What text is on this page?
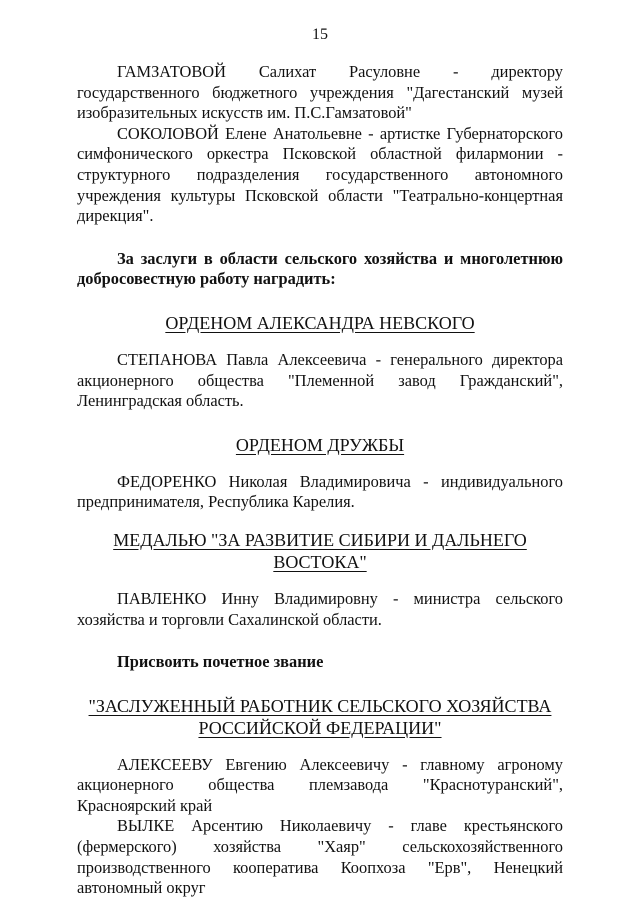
15

ГАМЗАТОВОЙ Салихат Расуловне - директору государственного бюджетного учреждения "Дагестанский музей изобразительных искусств им. П.С.Гамзатовой"

СОКОЛОВОЙ Елене Анатольевне - артистке Губернаторского симфонического оркестра Псковской областной филармонии - структурного подразделения государственного автономного учреждения культуры Псковской области "Театрально-концертная дирекция".

За заслуги в области сельского хозяйства и многолетнюю

добросовестную работу наградить:

ОРДЕНОМ АЛЕКСАНДРА НЕВСКОГО

СТЕПАНОВА Павла Алексеевича - генерального директора акционерного общества "Племенной завод Гражданский", Ленинградская область.

ОРДЕНОМ ДРУЖБЫ

ФЕДОРЕНКО Николая Владимировича - индивидуального предпринимателя, Республика Карелия.

МЕДАЛЬЮ "ЗА РАЗВИТИЕ СИБИРИ И ДАЛЬНЕГО ВОСТОКА"

ПАВЛЕНКО Инну Владимировну - министра сельского хозяйства и торговли Сахалинской области.

Присвоить почетное звание

"ЗАСЛУЖЕННЫЙ РАБОТНИК СЕЛЬСКОГО ХОЗЯЙСТВА
РОССИЙСКОЙ ФЕДЕРАЦИИ"

АЛЕКСЕЕВУ Евгению Алексеевичу - главному агроному акционерного общества племзавода "Краснотуранский", Красноярский край

ВЫЛКЕ Арсентию Николаевичу - главе крестьянского (фермерского) хозяйства "Хаяр" сельскохозяйственного производственного кооператива Коопхоза "Ерв", Ненецкий автономный округ
